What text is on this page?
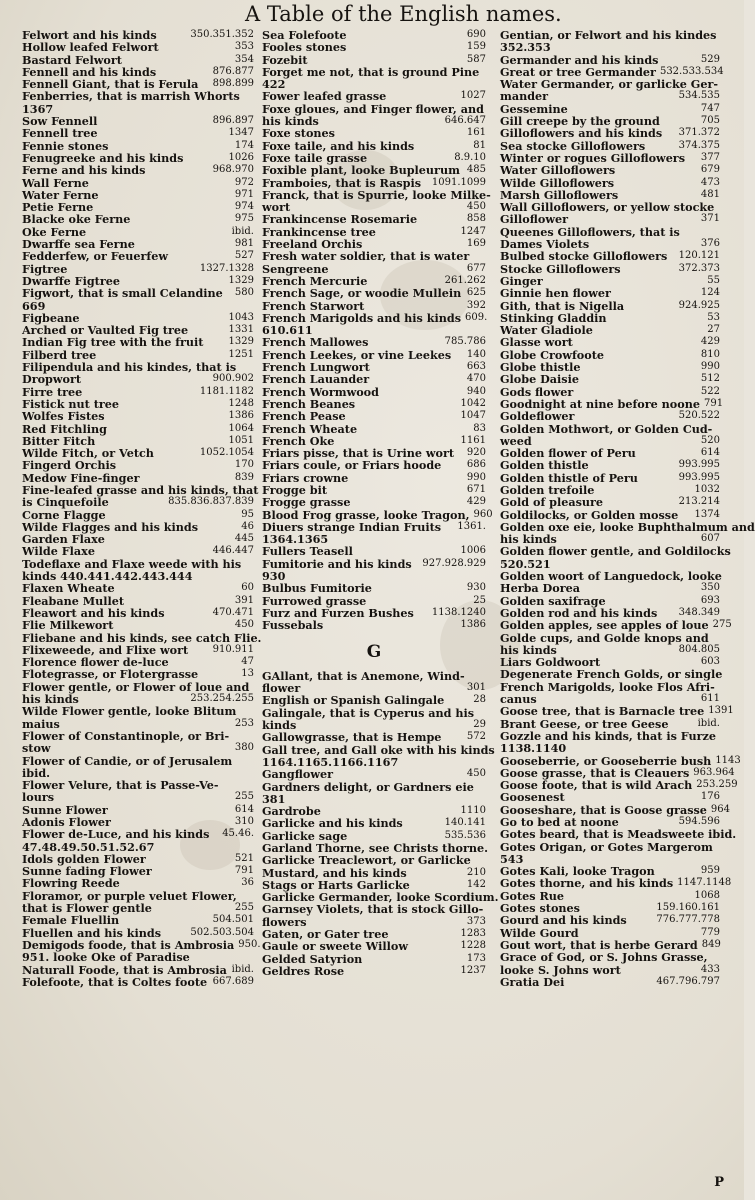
A Table of the English names.
Felwort and his kinds	350.351.352
Hollow leafed Felwort	353
Bastard Felwort	354
Fennell and his kinds	876.877
Fennell Giant, that is Ferula	898.899
Fenberries, that is marrish Whorts
1367
Sow Fennell	896.897
Fennell tree	1347
Fennie stones	174
Fenugreeke and his kinds	1026
Ferne and his kinds	968.970
Wall Ferne	972
Water Ferne	971
Petie Ferne	974
Blacke oke Ferne	975
Oke Ferne	ibid.
Dwarffe sea Ferne	981
Fedderfew, or Feuerfew	527
Figtree	1327.1328
Dwarffe Figtree	1329
Figwort, that is small Celandine	580
669
Figbeane	1043
Arched or Vaulted Fig tree	1331
Indian Fig tree with the fruit	1329
Filberd tree	1251
Filipendula and his kindes, that is
Dropwort	900.902
Firre tree	1181.1182
Fistick nut tree	1248
Wolfes Fistes	1386
Red Fitchling	1064
Bitter Fitch	1051
Wilde Fitch, or Vetch	1052.1054
Fingerd Orchis	170
Medow Fine-finger	839
Fine-leafed grasse and his kinds, that
is Cinquefoile	835.836.837.839
Corne Flagge	95
Wilde Flagges and his kinds	46
Garden Flaxe	445
Wilde Flaxe	446.447
Todeflaxe and Flaxe weede with his
kinds 440.441.442.443.444
Flaxen Wheate	60
Fleabane Mullet	391
Fleawort and his kinds	470.471
Flie Milkewort	450
Fliebane and his kinds, see catch Flie.
Flixeweede, and Flixe wort	910.911
Florence flower de-luce	47
Flotegrasse, or Flotergrasse	13
Flower gentle, or Flower of loue and
his kinds	253.254.255
Wilde Flower gentle, looke Blitum
maius	253
Flower of Constantinople, or Bri-
stow	380
Flower of Candie, or of Jerusalem
ibid.
Flower Velure, that is Passe-Ve-
lours	255
Sunne Flower	614
Adonis Flower	310
Flower de-Luce, and his kinds	45.46.
47.48.49.50.51.52.67
Idols golden Flower	521
Sunne fading Flower	791
Flowring Reede	36
Floramor, or purple veluet Flower,
that is Flower gentle	255
Female Fluellin	504.501
Fluellen and his kinds	502.503.504
Demigods foode, that is Ambrosia 950.
951. looke Oke of Paradise
Naturall Foode, that is Ambrosia ibid.
Folefoote, that is Coltes foote 667.689
Sea Folefoote	690
Fooles stones	159
Fozebit	587
Forget me not, that is ground Pine
422
Fower leafed grasse	1027
Foxe gloues, and Finger flower, and
his kinds	646.647
Foxe stones	161
Foxe taile, and his kinds	81
Foxe taile grasse	8.9.10
Foxible plant, looke Bupleurum 485
Framboies, that is Raspis	1091.1099
Franck, that is Spurrie, looke Milke-
wort	450
Frankincense Rosemarie	858
Frankincense tree	1247
Freeland Orchis	169
Fresh water soldier, that is water
Sengreene	677
French Mercurie	261.262
French Sage, or woodie Mullein 625
French Starwort	392
French Marigolds and his kinds 609.
610.611
French Mallowes	785.786
French Leekes, or vine Leekes	140
French Lungwort	663
French Lauander	470
French Wormwood	940
French Beanes	1042
French Pease	1047
French Wheate	83
French Oke	1161
Friars pisse, that is Urine wort	920
Friars coule, or Friars hoode	686
Friars crowne	990
Frogge bit	671
Frogge grasse	429
Blood Frog grasse, looke Tragon, 960
Diuers strange Indian Fruits	1361.
1364.1365
Fullers Teasell	1006
Fumitorie and his kinds	927.928.929
930
Bulbus Fumitorie	930
Furrowed grasse	25
Furz and Furzen Bushes	1138.1240
Fussebals	1386
G
GAllant, that is Anemone, Wind-
flower	301
English or Spanish Galingale	28
Galingale, that is Cyperus and his
kinds	29
Gallowgrasse, that is Hempe	572
Gall tree, and Gall oke with his kinds
1164.1165.1166.1167
Gangflower	450
Gardners delight, or Gardners eie
381
Gardrobe	1110
Garlicke and his kinds	140.141
Garlicke sage	535.536
Garland Thorne, see Christs thorne.
Garlicke Treaclewort, or Garlicke
Mustard, and his kinds	210
Stags or Harts Garlicke	142
Garlicke Germander, looke Scordium.
Garnsey Violets, that is stock Gillo-
flowers	373
Gaten, or Gater tree	1283
Gaule or sweete Willow	1228
Gelded Satyrion	173
Geldres Rose	1237
Gentian, or Felwort and his kindes
352.353
Germander and his kinds	529
Great or tree Germander 532.533.534
Water Germander, or garlicke Ger-
mander	534.535
Gessemine	747
Gill creepe by the ground	705
Gilloflowers and his kinds	371.372
Sea stocke Gilloflowers	374.375
Winter or rogues Gilloflowers	377
Water Gilloflowers	679
Wilde Gilloflowers	473
Marsh Gilloflowers	481
Wall Gilloflowers, or yellow stocke
Gilloflower	371
Queenes Gilloflowers, that is
Dames Violets	376
Bulbed stocke Gilloflowers	120.121
Stocke Gilloflowers	372.373
Ginger	55
Ginnie hen flower	124
Gith, that is Nigella	924.925
Stinking Gladdin	53
Water Gladiole	27
Glasse wort	429
Globe Crowfoote	810
Globe thistle	990
Globe Daisie	512
Gods flower	522
Goodnight at nine before noone 791
Goldeflower	520.522
Golden Mothwort, or Golden Cud-
weed	520
Golden flower of Peru	614
Golden thistle	993.995
Golden thistle of Peru	993.995
Golden trefoile	1032
Gold of pleasure	213.214
Goldilocks, or Golden mosse	1374
Golden oxe eie, looke Buphthalmum and
his kinds	607
Golden flower gentle, and Goldilocks
520.521
Golden woort of Languedock, looke
Herba Dorea	350
Golden saxifrage	693
Golden rod and his kinds	348.349
Golden apples, see apples of loue 275
Golde cups, and Golde knops and
his kinds	804.805
Liars Goldwoort	603
Degenerate French Golds, or single
French Marigolds, looke Flos Afri-
canus	611
Goose tree, that is Barnacle tree 1391
Brant Geese, or tree Geese	ibid.
Gozzle and his kinds, that is Furze
1138.1140
Gooseberrie, or Gooseberrie bush 1143
Goose grasse, that is Cleauers 963.964
Goose foote, that is wild Arach 253.259
Goosenest	176
Gooseshare, that is Goose grasse 964
Go to bed at noone	594.596
Gotes beard, that is Meadsweete ibid.
Gotes Origan, or Gotes Margerom
543
Gotes Kali, looke Tragon	959
Gotes thorne, and his kinds 1147.1148
Gotes Rue	1068
Gotes stones	159.160.161
Gourd and his kinds	776.777.778
Wilde Gourd	779
Gout wort, that is herbe Gerard 849
Grace of God, or S. Johns Grasse,
looke S. Johns wort	433
Gratia Dei	467.796.797
P
